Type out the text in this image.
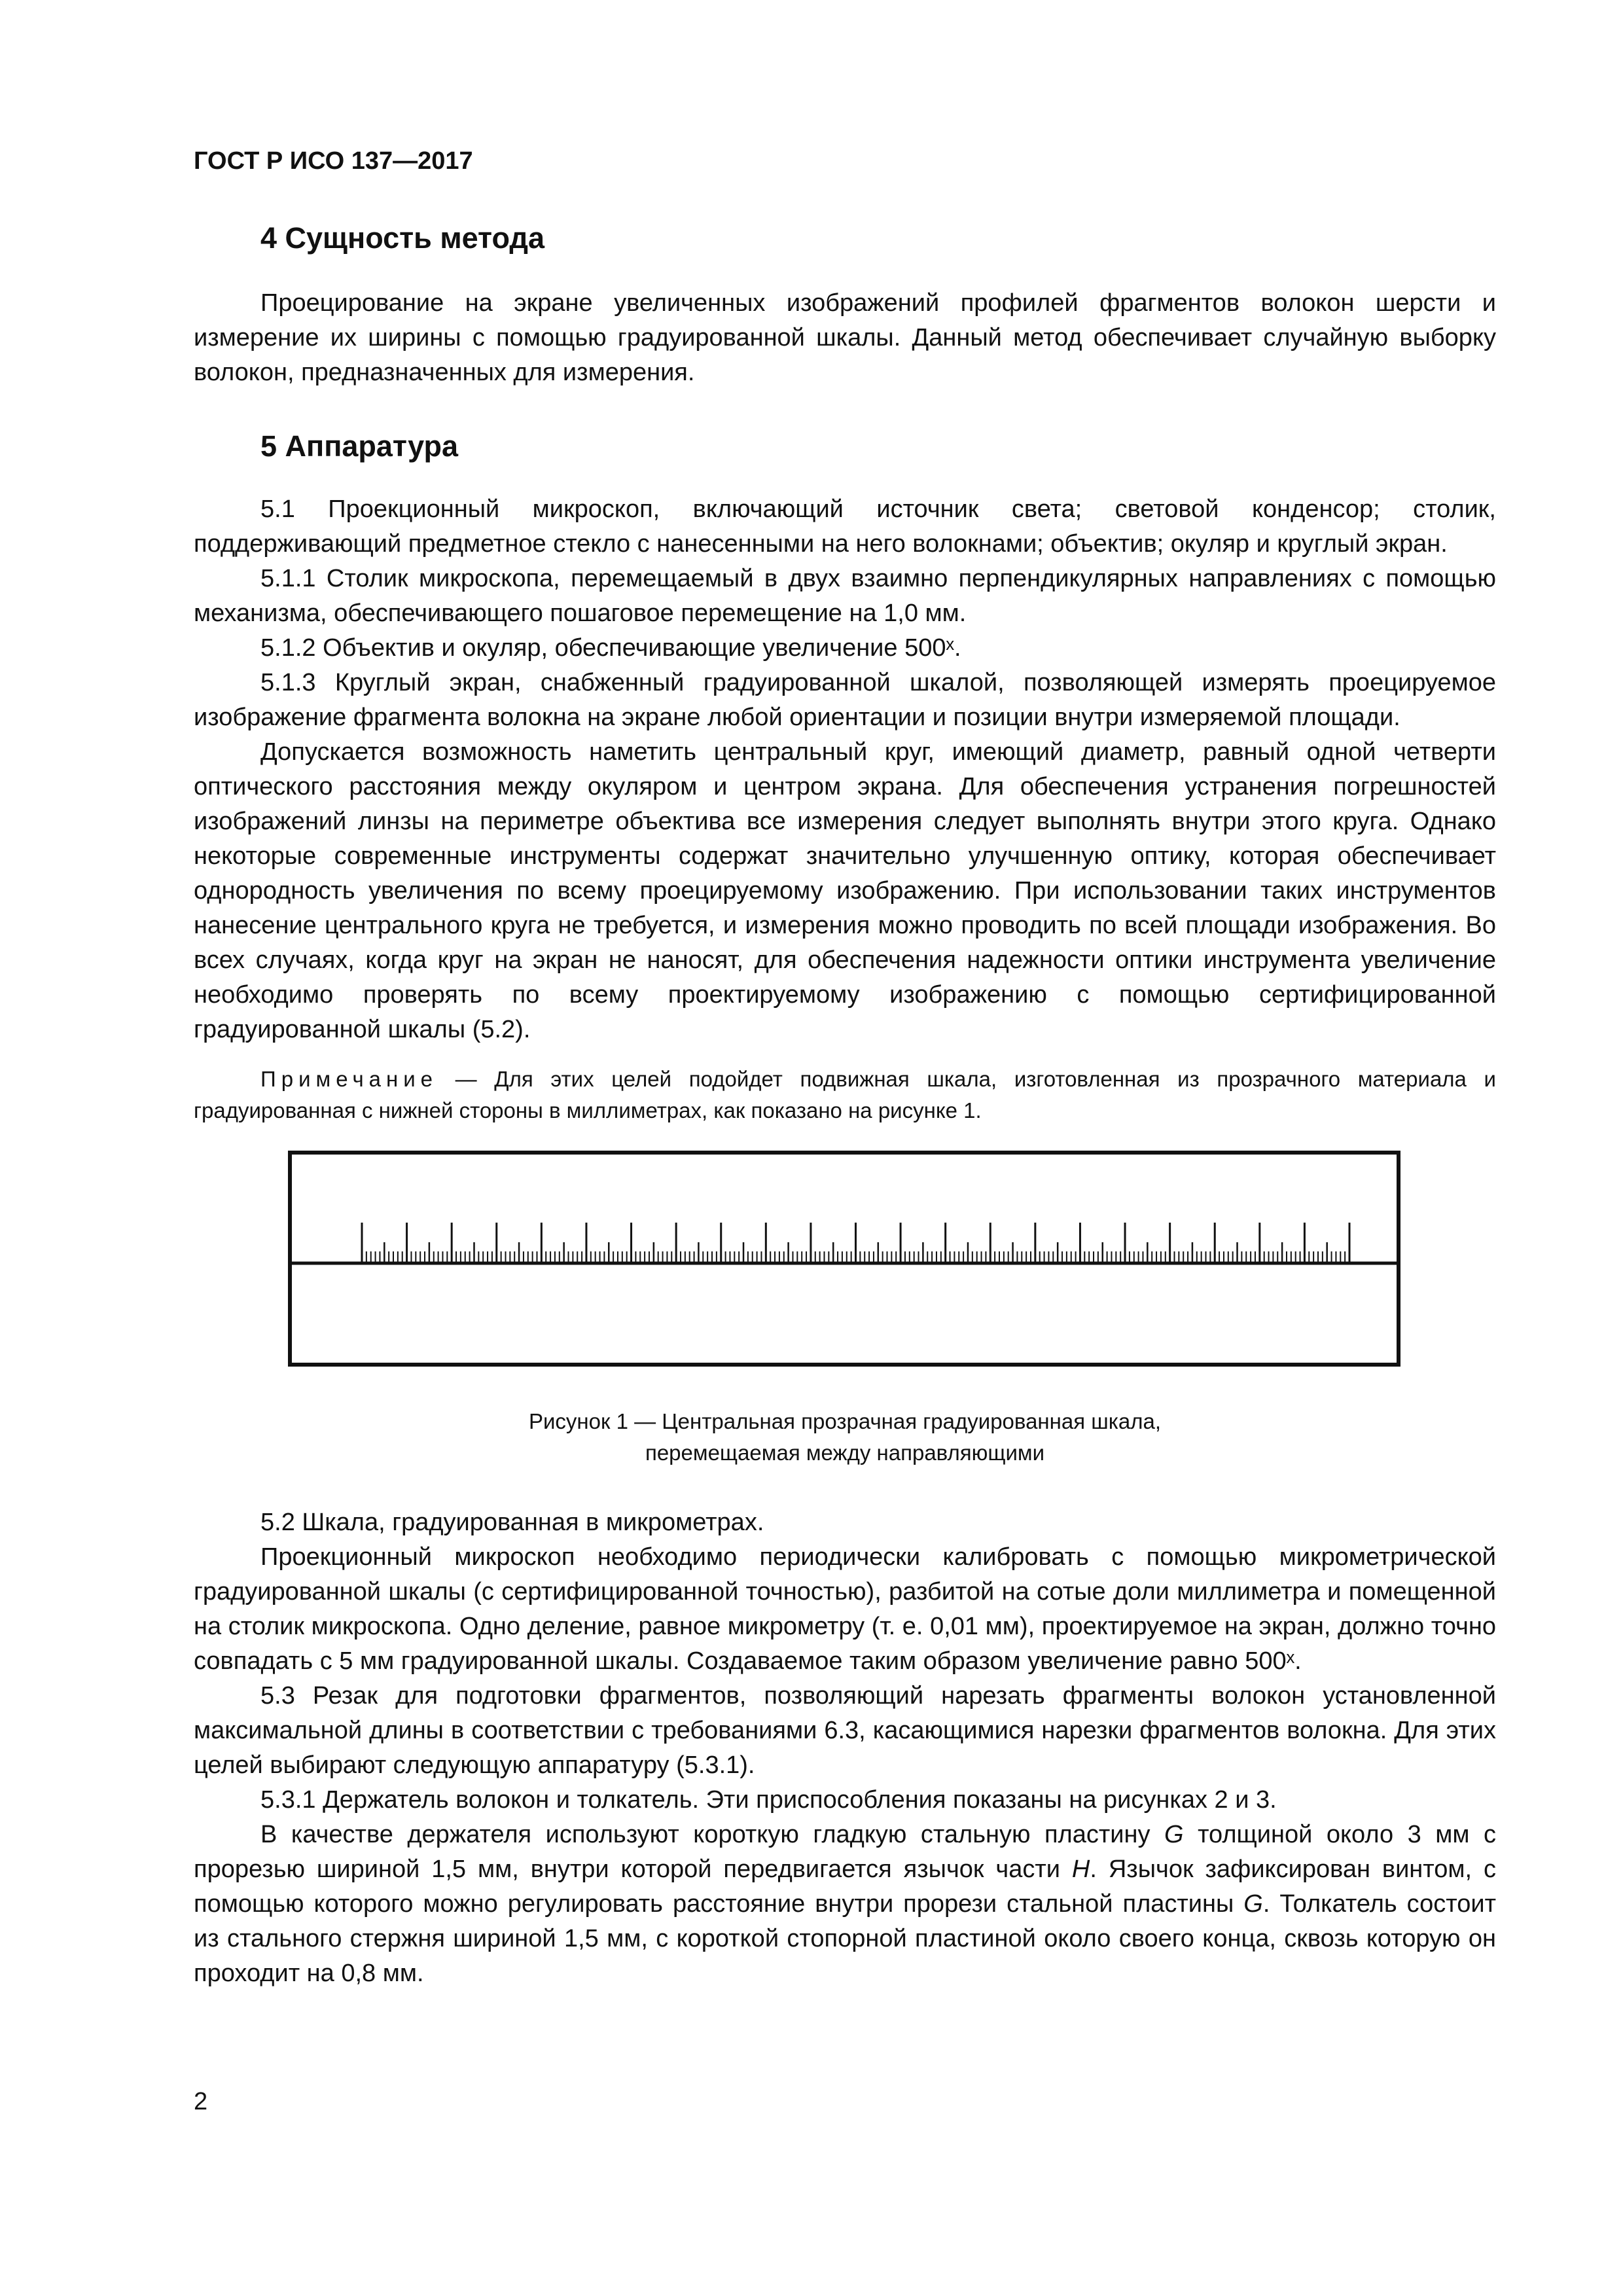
ГОСТ Р ИСО 137—2017
4 Сущность метода

Проецирование на экране увеличенных изображений профилей фрагментов волокон шерсти и измерение их ширины с помощью градуированной шкалы. Данный метод обеспечивает случайную выборку волокон, предназначенных для измерения.

5 Аппаратура

5.1 Проекционный микроскоп, включающий источник света; световой конденсор; столик, поддерживающий предметное стекло с нанесенными на него волокнами; объектив; окуляр и круглый экран.

5.1.1 Столик микроскопа, перемещаемый в двух взаимно перпендикулярных направлениях с помощью механизма, обеспечивающего пошаговое перемещение на 1,0 мм.

5.1.2 Объектив и окуляр, обеспечивающие увеличение 500ˣ.

5.1.3 Круглый экран, снабженный градуированной шкалой, позволяющей измерять проецируемое изображение фрагмента волокна на экране любой ориентации и позиции внутри измеряемой площади.

Допускается возможность наметить центральный круг, имеющий диаметр, равный одной четверти оптического расстояния между окуляром и центром экрана. Для обеспечения устранения погрешностей изображений линзы на периметре объектива все измерения следует выполнять внутри этого круга. Однако некоторые современные инструменты содержат значительно улучшенную оптику, которая обеспечивает однородность увеличения по всему проецируемому изображению. При использовании таких инструментов нанесение центрального круга не требуется, и измерения можно проводить по всей площади изображения. Во всех случаях, когда круг на экран не наносят, для обеспечения надежности оптики инструмента увеличение необходимо проверять по всему проектируемому изображению с помощью сертифицированной градуированной шкалы (5.2).

Примечание — Для этих целей подойдет подвижная шкала, изготовленная из прозрачного материала и градуированная с нижней стороны в миллиметрах, как показано на рисунке 1.

Рисунок 1 — Центральная прозрачная градуированная шкала,
перемещаемая между направляющими

5.2 Шкала, градуированная в микрометрах.

Проекционный микроскоп необходимо периодически калибровать с помощью микрометрической градуированной шкалы (с сертифицированной точностью), разбитой на сотые доли миллиметра и помещенной на столик микроскопа. Одно деление, равное микрометру (т. е. 0,01 мм), проектируемое на экран, должно точно совпадать с 5 мм градуированной шкалы. Создаваемое таким образом увеличение равно 500ˣ.

5.3 Резак для подготовки фрагментов, позволяющий нарезать фрагменты волокон установленной максимальной длины в соответствии с требованиями 6.3, касающимися нарезки фрагментов волокна. Для этих целей выбирают следующую аппаратуру (5.3.1).

5.3.1 Держатель волокон и толкатель. Эти приспособления показаны на рисунках 2 и 3.

В качестве держателя используют короткую гладкую стальную пластину G толщиной около 3 мм с прорезью шириной 1,5 мм, внутри которой передвигается язычок части H. Язычок зафиксирован винтом, с помощью которого можно регулировать расстояние внутри прорези стальной пластины G. Толкатель состоит из стального стержня шириной 1,5 мм, с короткой стопорной пластиной около своего конца, сквозь которую он проходит на 0,8 мм.

2
